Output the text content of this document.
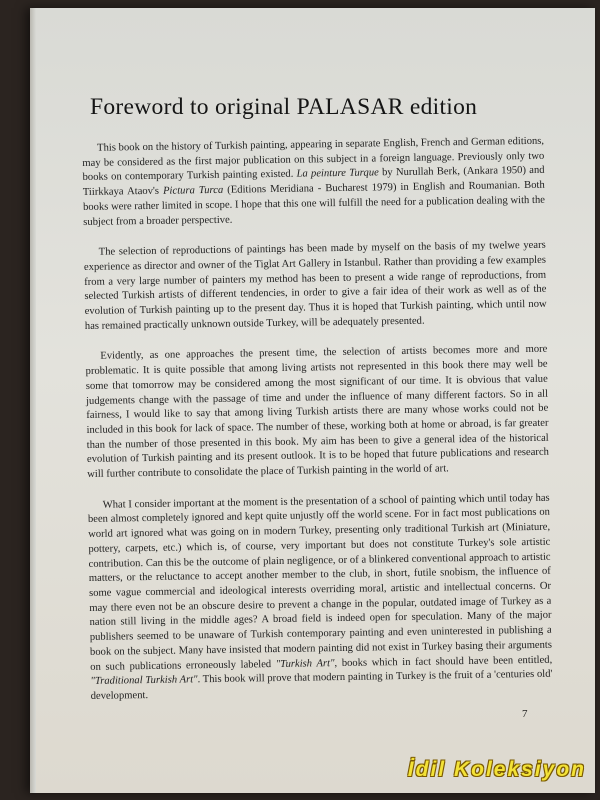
Foreword to original PALASAR edition

This book on the history of Turkish painting, appearing in separate English, French and German editions, may be considered as the first major publication on this subject in a foreign language. Previously only two books on contemporary Turkish painting existed. La peinture Turque by Nurullah Berk, (Ankara 1950) and Tiirkkaya Ataov's Pictura Turca (Editions Meridiana - Bucharest 1979) in English and Roumanian. Both books were rather limited in scope. I hope that this one will fulfill the need for a publication dealing with the subject from a broader perspective.

The selection of reproductions of paintings has been made by myself on the basis of my twelwe years experience as director and owner of the Tiglat Art Gallery in Istanbul. Rather than providing a few examples from a very large number of painters my method has been to present a wide range of reproductions, from selected Turkish artists of different tendencies, in order to give a fair idea of their work as well as of the evolution of Turkish painting up to the present day. Thus it is hoped that Turkish painting, which until now has remained practically unknown outside Turkey, will be adequately presented.

Evidently, as one approaches the present time, the selection of artists becomes more and more problematic. It is quite possible that among living artists not represented in this book there may well be some that tomorrow may be considered among the most significant of our time. It is obvious that value judgements change with the passage of time and under the influence of many different factors. So in all fairness, I would like to say that among living Turkish artists there are many whose works could not be included in this book for lack of space. The number of these, working both at home or abroad, is far greater than the number of those presented in this book. My aim has been to give a general idea of the historical evolution of Turkish painting and its present outlook. It is to be hoped that future publications and research will further contribute to consolidate the place of Turkish painting in the world of art.

What I consider important at the moment is the presentation of a school of painting which until today has been almost completely ignored and kept quite unjustly off the world scene. For in fact most publications on world art ignored what was going on in modern Turkey, presenting only traditional Turkish art (Miniature, pottery, carpets, etc.) which is, of course, very important but does not constitute Turkey's sole artistic contribution. Can this be the outcome of plain negligence, or of a blinkered conventional approach to artistic matters, or the reluctance to accept another member to the club, in short, futile snobism, the influence of some vague commercial and ideological interests overriding moral, artistic and intellectual concerns. Or may there even not be an obscure desire to prevent a change in the popular, outdated image of Turkey as a nation still living in the middle ages? A broad field is indeed open for speculation. Many of the major publishers seemed to be unaware of Turkish contemporary painting and even uninterested in publishing a book on the subject. Many have insisted that modern painting did not exist in Turkey basing their arguments on such publications erroneously labeled "Turkish Art", books which in fact should have been entitled, "Traditional Turkish Art". This book will prove that modern painting in Turkey is the fruit of a 'centuries old' development.

7
İdil Koleksiyon
